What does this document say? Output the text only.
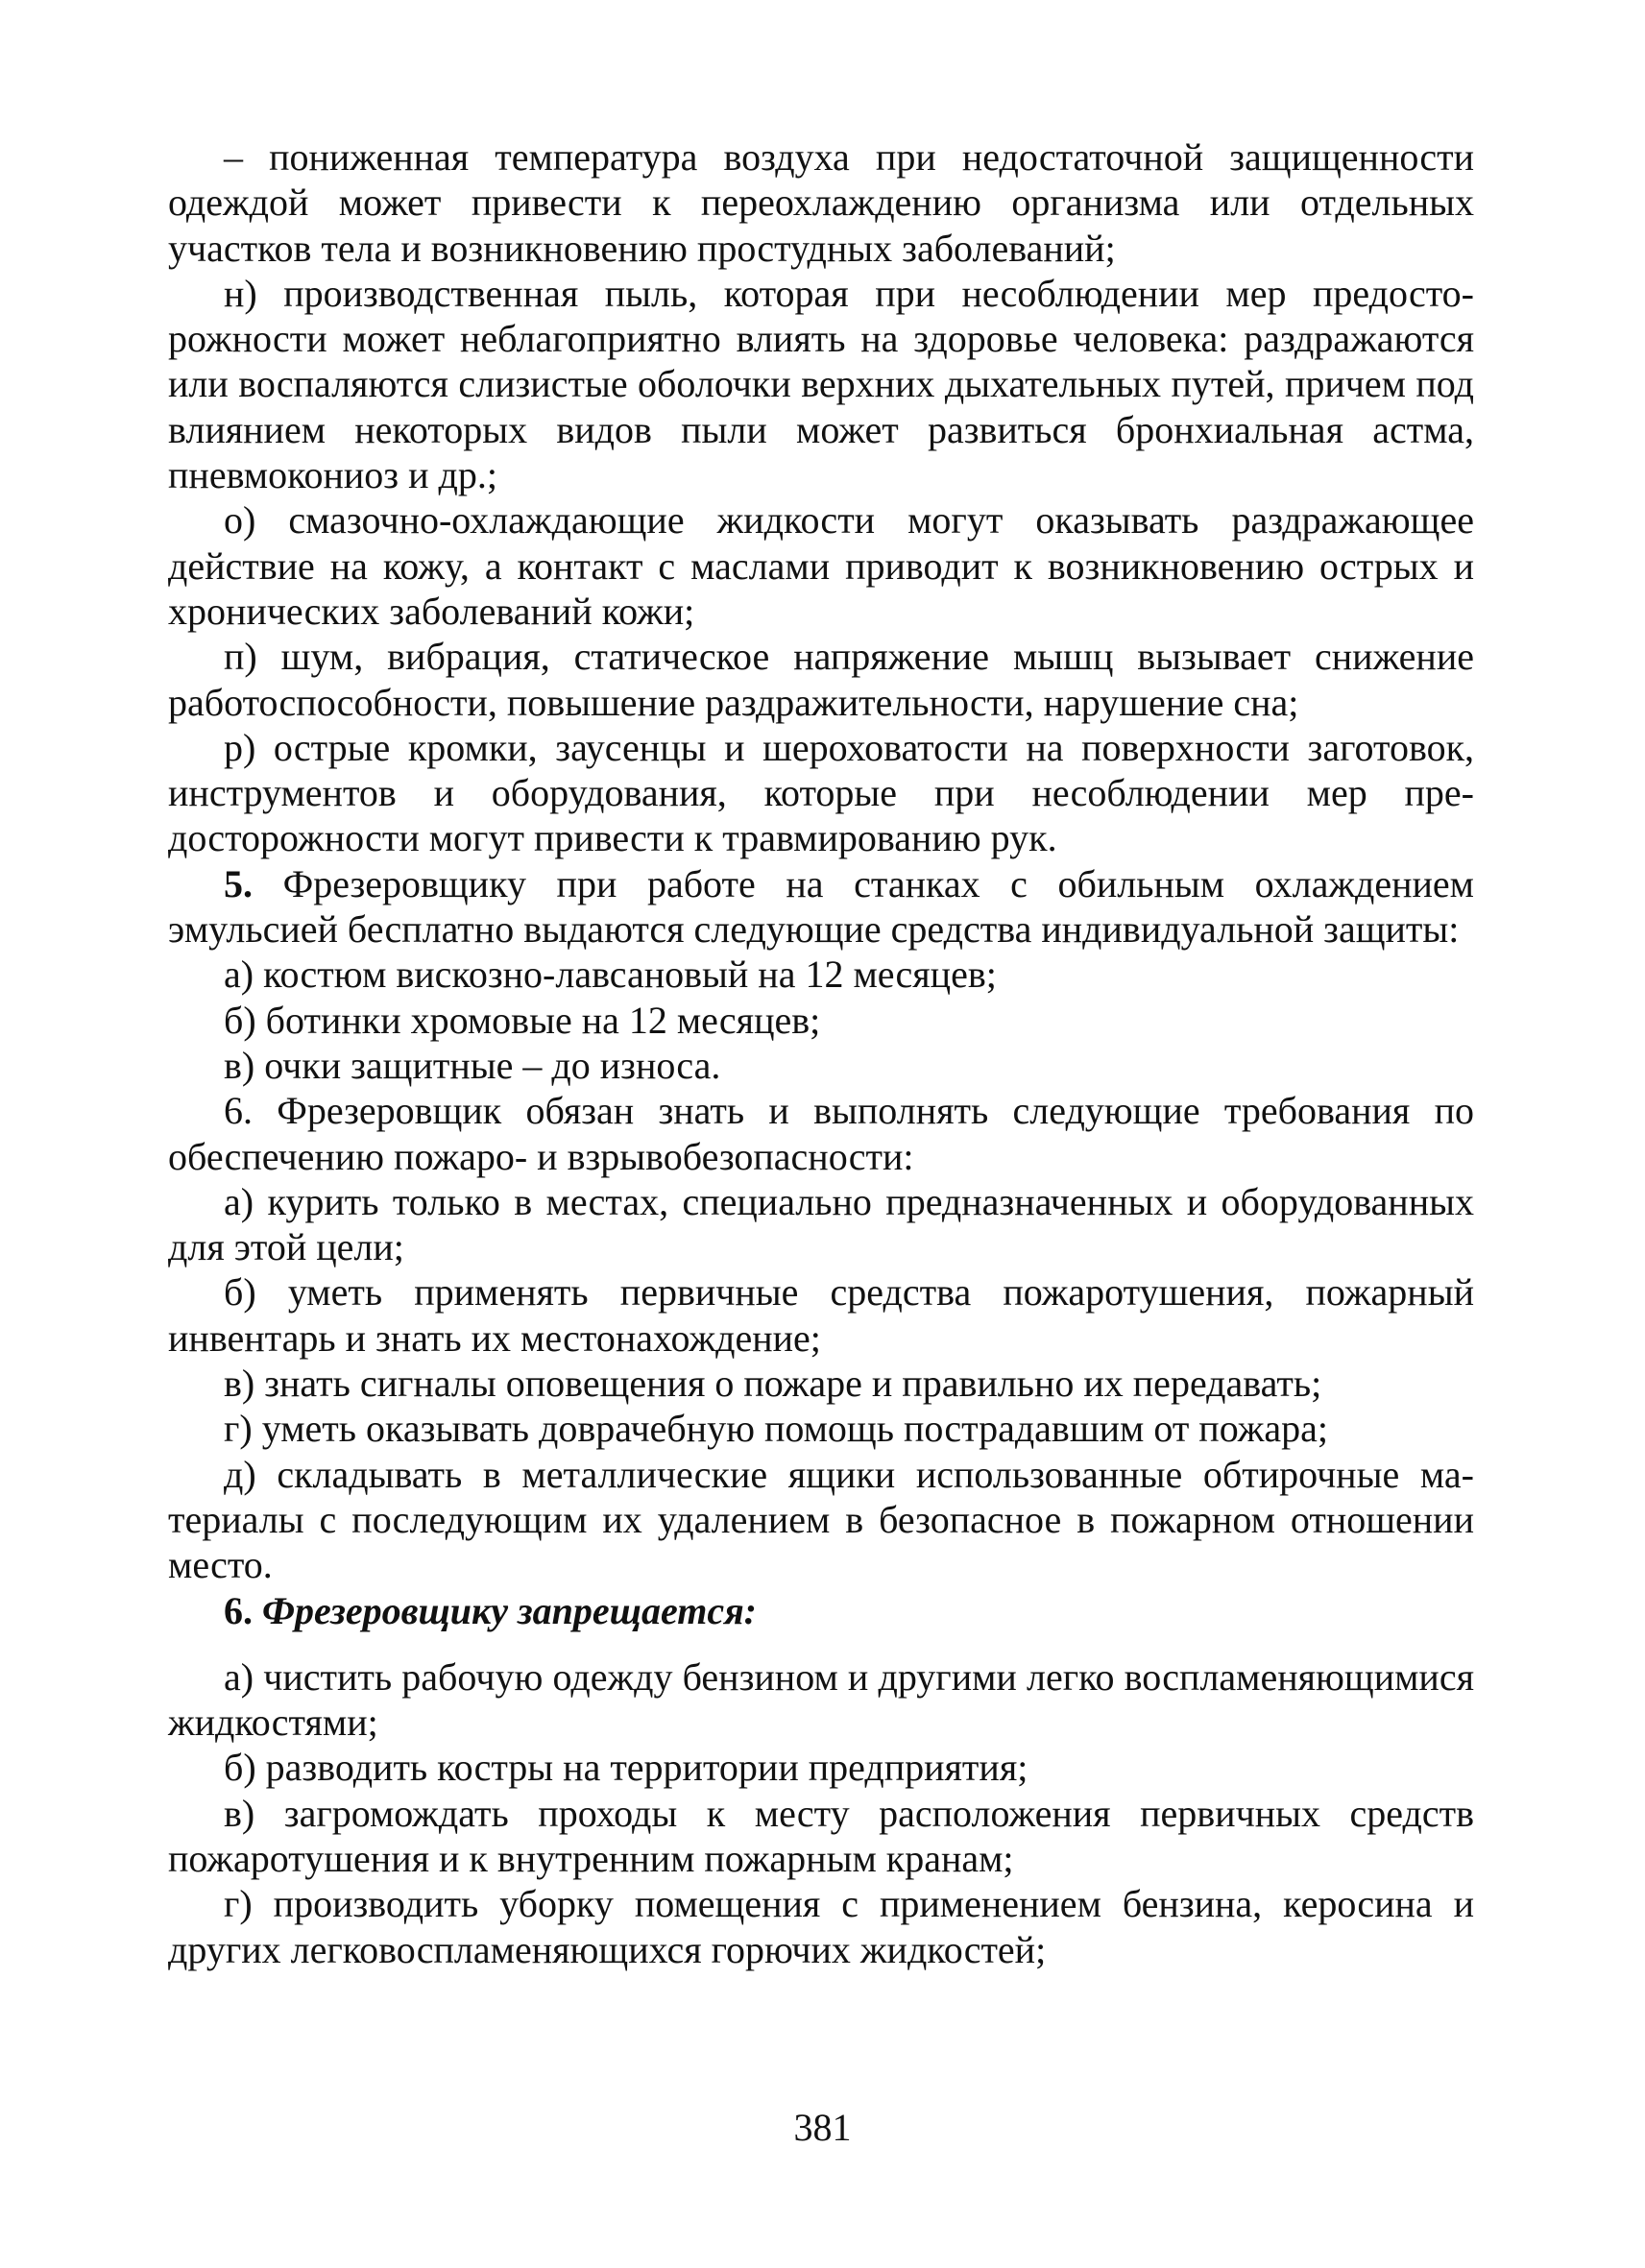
– пониженная температура воздуха при недостаточной защищенности одеждой может привести к переохлаждению организма или отдельных участков тела и возникновению простудных заболеваний;

н) производственная пыль, которая при несоблюдении мер предосторожности может неблагоприятно влиять на здоровье человека: раздражаются или воспаляются слизистые оболочки верхних дыхательных путей, причем под влиянием некоторых видов пыли может развиться бронхиальная астма, пневмокониоз и др.;

о) смазочно-охлаждающие жидкости могут оказывать раздражающее действие на кожу, а контакт с маслами приводит к возникновению острых и хронических заболеваний кожи;

п) шум, вибрация, статическое напряжение мышц вызывает снижение работоспособности, повышение раздражительности, нарушение сна;

р) острые кромки, заусенцы и шероховатости на поверхности заготовок, инструментов и оборудования, которые при несоблюдении мер предосторожности могут привести к травмированию рук.

5. Фрезеровщику при работе на станках с обильным охлаждением эмульсией бесплатно выдаются следующие средства индивидуальной защиты:

а) костюм вискозно-лавсановый на 12 месяцев;

б) ботинки хромовые на 12 месяцев;

в) очки защитные – до износа.

6. Фрезеровщик обязан знать и выполнять следующие требования по обеспечению пожаро- и взрывобезопасности:

а) курить только в местах, специально предназначенных и оборудованных для этой цели;

б) уметь применять первичные средства пожаротушения, пожарный инвентарь и знать их местонахождение;

в) знать сигналы оповещения о пожаре и правильно их передавать;

г) уметь оказывать доврачебную помощь пострадавшим от пожара;

д) складывать в металлические ящики использованные обтирочные материалы с последующим их удалением в безопасное в пожарном отношении место.

6. Фрезеровщику запрещается:

а) чистить рабочую одежду бензином и другими легко воспламеняющимися жидкостями;

б) разводить костры на территории предприятия;

в) загромождать проходы к месту расположения первичных средств пожаротушения и к внутренним пожарным кранам;

г) производить уборку помещения с применением бензина, керосина и других легковоспламеняющихся горючих жидкостей;

381
